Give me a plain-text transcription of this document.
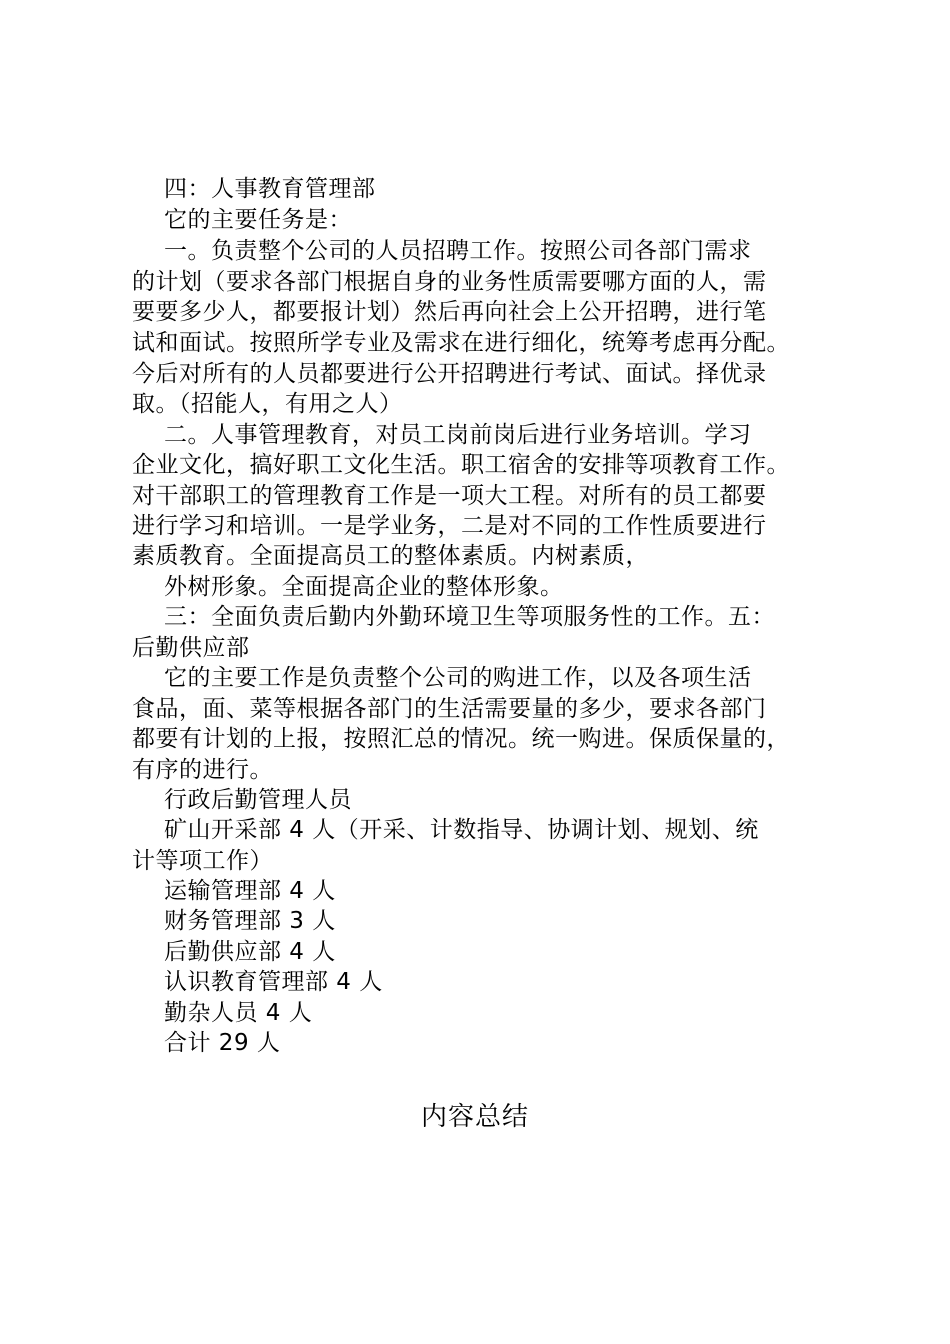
四：人事教育管理部
它的主要任务是：
一。负责整个公司的人员招聘工作。按照公司各部门需求
的计划（要求各部门根据自身的业务性质需要哪方面的人，需
要要多少人，都要报计划）然后再向社会上公开招聘，进行笔
试和面试。按照所学专业及需求在进行细化，统筹考虑再分配。
今后对所有的人员都要进行公开招聘进行考试、面试。择优录
取。（招能人，有用之人）
二。人事管理教育，对员工岗前岗后进行业务培训。学习
企业文化，搞好职工文化生活。职工宿舍的安排等项教育工作。
对干部职工的管理教育工作是一项大工程。对所有的员工都要
进行学习和培训。一是学业务，二是对不同的工作性质要进行
素质教育。全面提高员工的整体素质。内树素质，
外树形象。全面提高企业的整体形象。
三：全面负责后勤内外勤环境卫生等项服务性的工作。五：
后勤供应部
它的主要工作是负责整个公司的购进工作，以及各项生活
食品，面、菜等根据各部门的生活需要量的多少，要求各部门
都要有计划的上报，按照汇总的情况。统一购进。保质保量的，
有序的进行。
行政后勤管理人员
矿山开采部 4 人（开采、计数指导、协调计划、规划、统
计等项工作）
运输管理部 4 人
财务管理部 3 人
后勤供应部 4 人
认识教育管理部 4 人
勤杂人员 4 人
合计 29 人
内容总结
